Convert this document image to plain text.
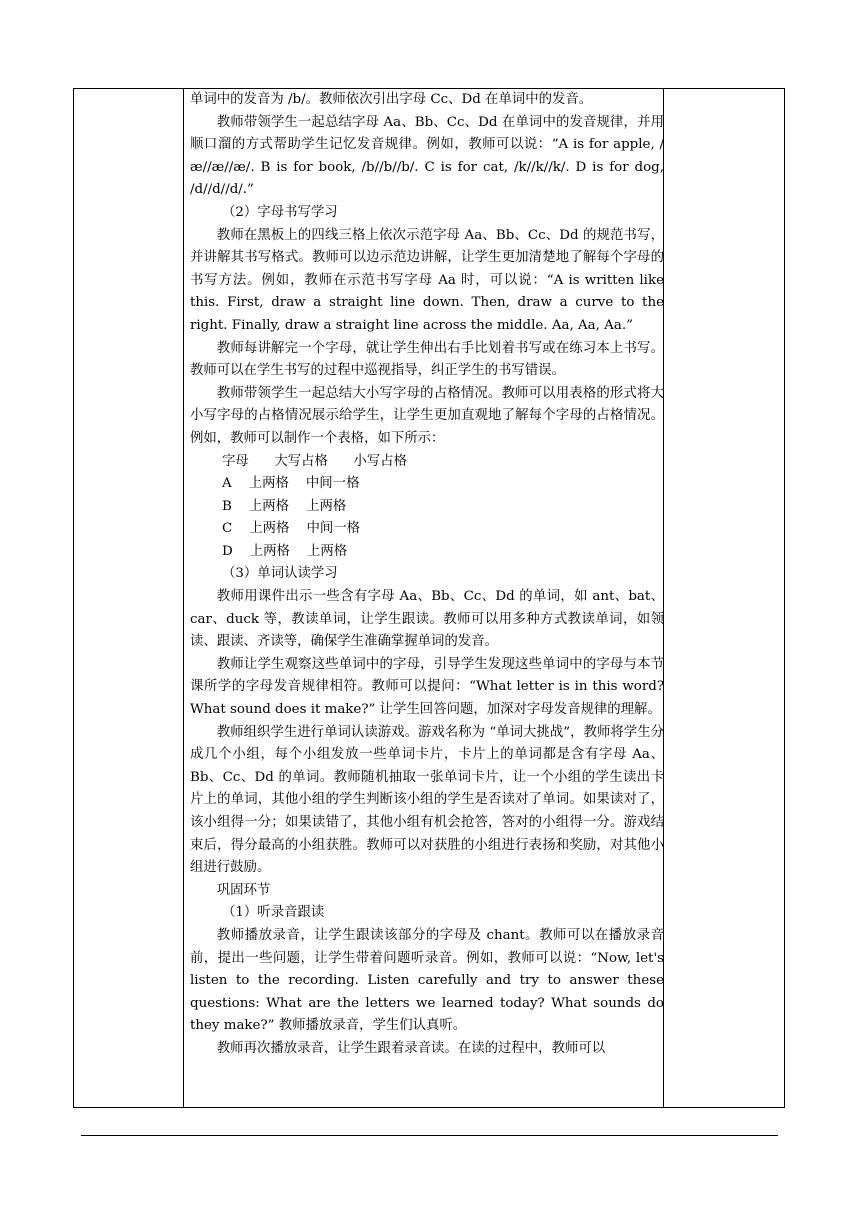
单词中的发音为 /b/。教师依次引出字母 Cc、Dd 在单词中的发音。

教师带领学生一起总结字母 Aa、Bb、Cc、Dd 在单词中的发音规律，并用顺口溜的方式帮助学生记忆发音规律。例如，教师可以说：“A is for apple, /æ//æ//æ/. B is for book, /b//b//b/. C is for cat, /k//k//k/. D is for dog, /d//d//d/.”

（2）字母书写学习

教师在黑板上的四线三格上依次示范字母 Aa、Bb、Cc、Dd 的规范书写，并讲解其书写格式。教师可以边示范边讲解，让学生更加清楚地了解每个字母的书写方法。例如，教师在示范书写字母 Aa 时，可以说：“A is written like this. First, draw a straight line down. Then, draw a curve to the right. Finally, draw a straight line across the middle. Aa, Aa, Aa.”

教师每讲解完一个字母，就让学生伸出右手比划着书写或在练习本上书写。教师可以在学生书写的过程中巡视指导，纠正学生的书写错误。

教师带领学生一起总结大小写字母的占格情况。教师可以用表格的形式将大小写字母的占格情况展示给学生，让学生更加直观地了解每个字母的占格情况。例如，教师可以制作一个表格，如下所示：

字母      大写占格      小写占格

A    上两格    中间一格

B    上两格    上两格

C    上两格    中间一格

D    上两格    上两格

（3）单词认读学习

教师用课件出示一些含有字母 Aa、Bb、Cc、Dd 的单词，如 ant、bat、car、duck 等，教读单词，让学生跟读。教师可以用多种方式教读单词，如领读、跟读、齐读等，确保学生准确掌握单词的发音。

教师让学生观察这些单词中的字母，引导学生发现这些单词中的字母与本节课所学的字母发音规律相符。教师可以提问：“What letter is in this word? What sound does it make?” 让学生回答问题，加深对字母发音规律的理解。

教师组织学生进行单词认读游戏。游戏名称为 “单词大挑战”，教师将学生分成几个小组，每个小组发放一些单词卡片，卡片上的单词都是含有字母 Aa、Bb、Cc、Dd 的单词。教师随机抽取一张单词卡片，让一个小组的学生读出卡片上的单词，其他小组的学生判断该小组的学生是否读对了单词。如果读对了，该小组得一分；如果读错了，其他小组有机会抢答，答对的小组得一分。游戏结束后，得分最高的小组获胜。教师可以对获胜的小组进行表扬和奖励，对其他小组进行鼓励。

巩固环节

（1）听录音跟读

教师播放录音，让学生跟读该部分的字母及 chant。教师可以在播放录音前，提出一些问题，让学生带着问题听录音。例如，教师可以说：“Now, let's listen to the recording. Listen carefully and try to answer these questions: What are the letters we learned today? What sounds do they make?” 教师播放录音，学生们认真听。

教师再次播放录音，让学生跟着录音读。在读的过程中，教师可以
